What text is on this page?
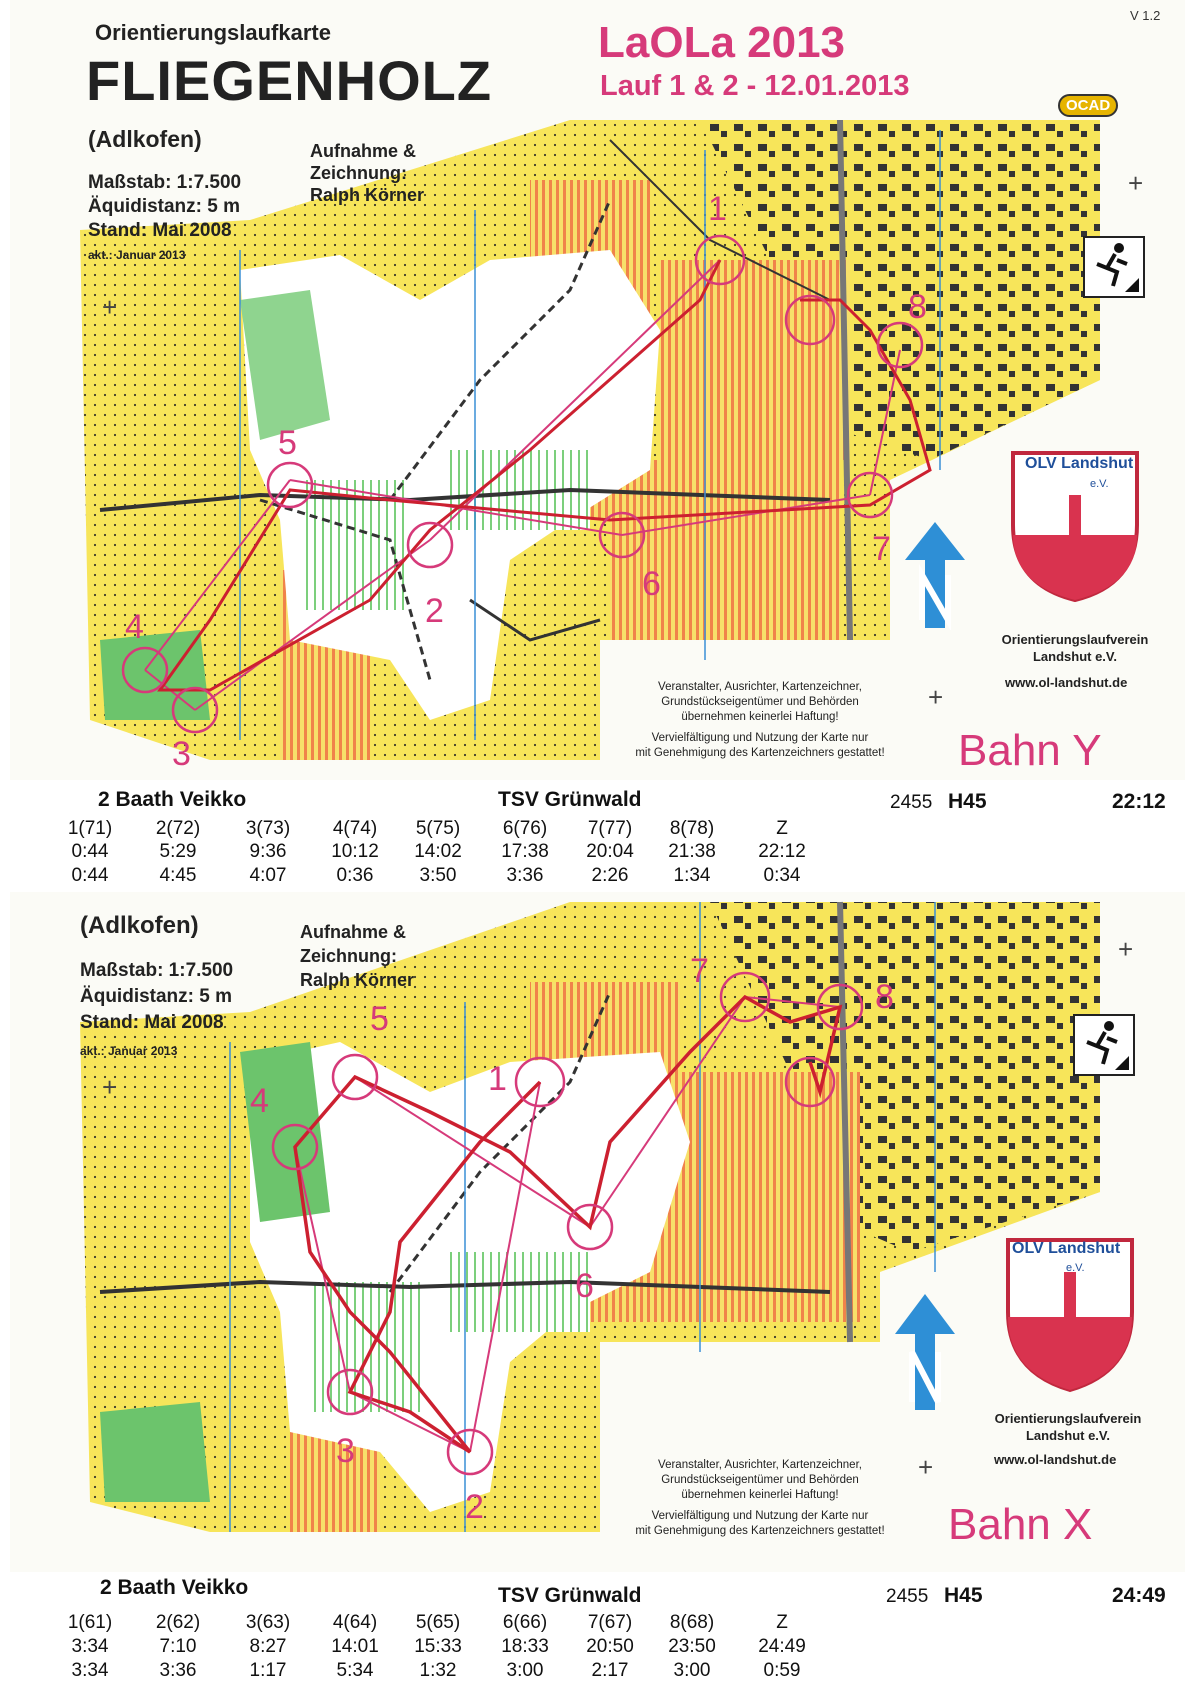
Orientierungslaufkarte
FLIEGENHOLZ
(Adlkofen)
Maßstab: 1:7.500
Äquidistanz: 5 m
Stand: Mai 2008
akt.: Januar 2013
Aufnahme &
Zeichnung:
Ralph Körner
LaOLa 2013
Lauf 1 & 2 - 12.01.2013
V 1.2
OCAD
OLV Landshut
e.V.
Orientierungslaufverein
Landshut e.V.
www.ol-landshut.de
Veranstalter, Ausrichter, Kartenzeichner,
Grundstückseigentümer und Behörden
übernehmen keinerlei Haftung!
Vervielfältigung und Nutzung der Karte nur
mit Genehmigung des Kartenzeichners gestattet!	Bahn Y
+
+
+
1
2
3
4
5
6
7
8
2 Baath Veikko	TSV Grünwald	2455 H45	22:12
1(71)	2(72)	3(73)	4(74)	5(75)	6(76)	7(77)	8(78)	Z
0:44	5:29	9:36	10:12	14:02	17:38	20:04	21:38	22:12
0:44	4:45	4:07	0:36	3:50	3:36	2:26	1:34	0:34
(Adlkofen)
Maßstab: 1:7.500
Äquidistanz: 5 m
Stand: Mai 2008
akt.: Januar 2013
Aufnahme &
Zeichnung:
Ralph Körner
OLV Landshut
e.V.
Orientierungslaufverein
Landshut e.V.
www.ol-landshut.de
Veranstalter, Ausrichter, Kartenzeichner,
Grundstückseigentümer und Behörden
übernehmen keinerlei Haftung!
Vervielfältigung und Nutzung der Karte nur
mit Genehmigung des Kartenzeichners gestattet!	Bahn X
+
+
+
1
2
3
4
5
6
7
8
2 Baath Veikko	TSV Grünwald	2455 H45	24:49
1(61)	2(62)	3(63)	4(64)	5(65)	6(66)	7(67)	8(68)	Z
3:34	7:10	8:27	14:01	15:33	18:33	20:50	23:50	24:49
3:34	3:36	1:17	5:34	1:32	3:00	2:17	3:00	0:59
